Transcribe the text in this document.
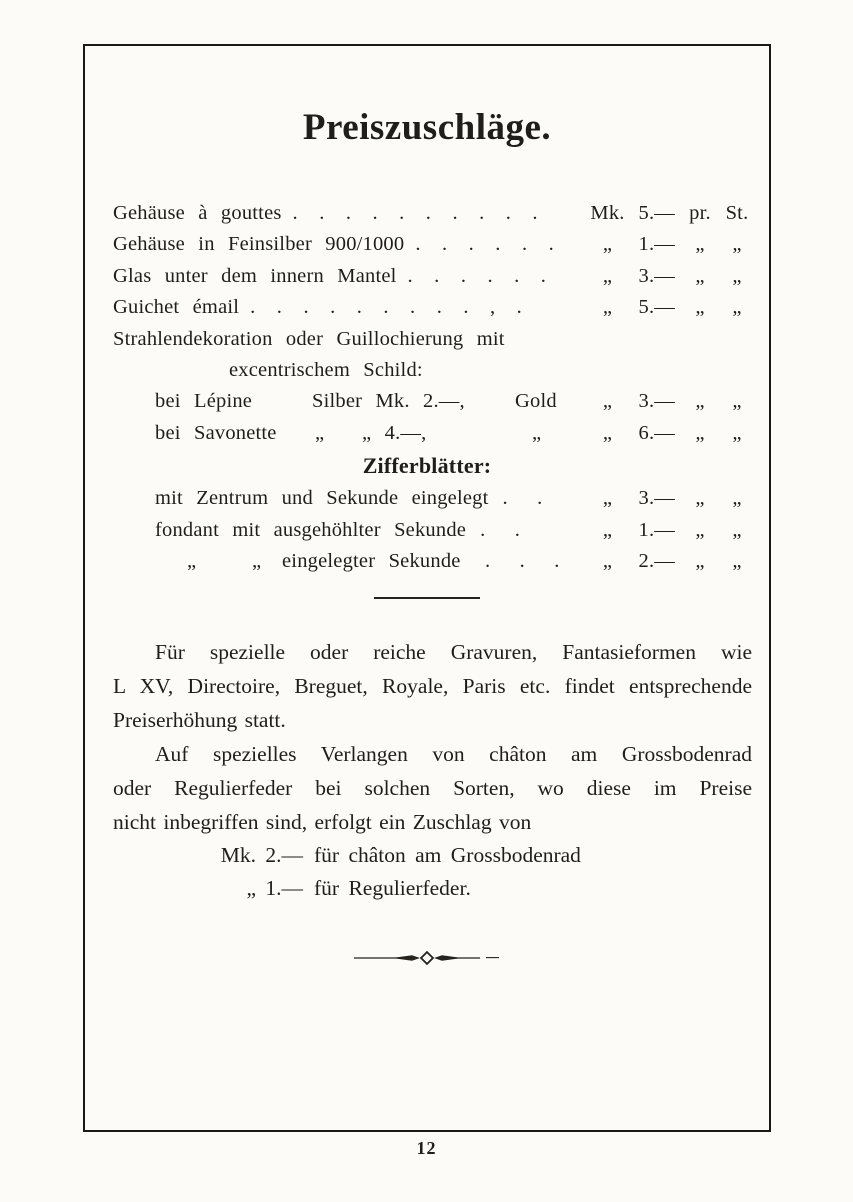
Preiszuschläge.
Gehäuse à gouttes . . . . . . . . . .	Mk. 5.— pr. St.
Gehäuse in Feinsilber 900/1000 . . . . . .	„	1.— „	„
Glas unter dem innern Mantel . . . . . .	„	3.— „	„
Guichet émail . . . . . . . . . , .	„	5.— „	„
Strahlendekoration oder Guillochierung mit
excentrischem Schild:
bei Lépine	Silber Mk. 2.—, Gold	„	3.— „	„
bei Savonette „ „ 4.—,	„	„	6.— „	„
Zifferblätter:
mit Zentrum und Sekunde eingelegt . .	„	3.— „	„
fondant mit ausgehöhlter Sekunde . .	„	1.— „	„
„	„ eingelegter Sekunde . . .	„	2.— „	„
Für spezielle oder reiche Gravuren, Fantasieformen wie
L XV, Directoire, Breguet, Royale, Paris etc. findet entsprechende
Preiserhöhung statt.
Auf spezielles Verlangen von châton am Grossbodenrad
oder Regulierfeder bei solchen Sorten, wo diese im Preise
nicht inbegriffen sind, erfolgt ein Zuschlag von
Mk. 2.— für châton am Grossbodenrad
„ 1.— für Regulierfeder.
12
